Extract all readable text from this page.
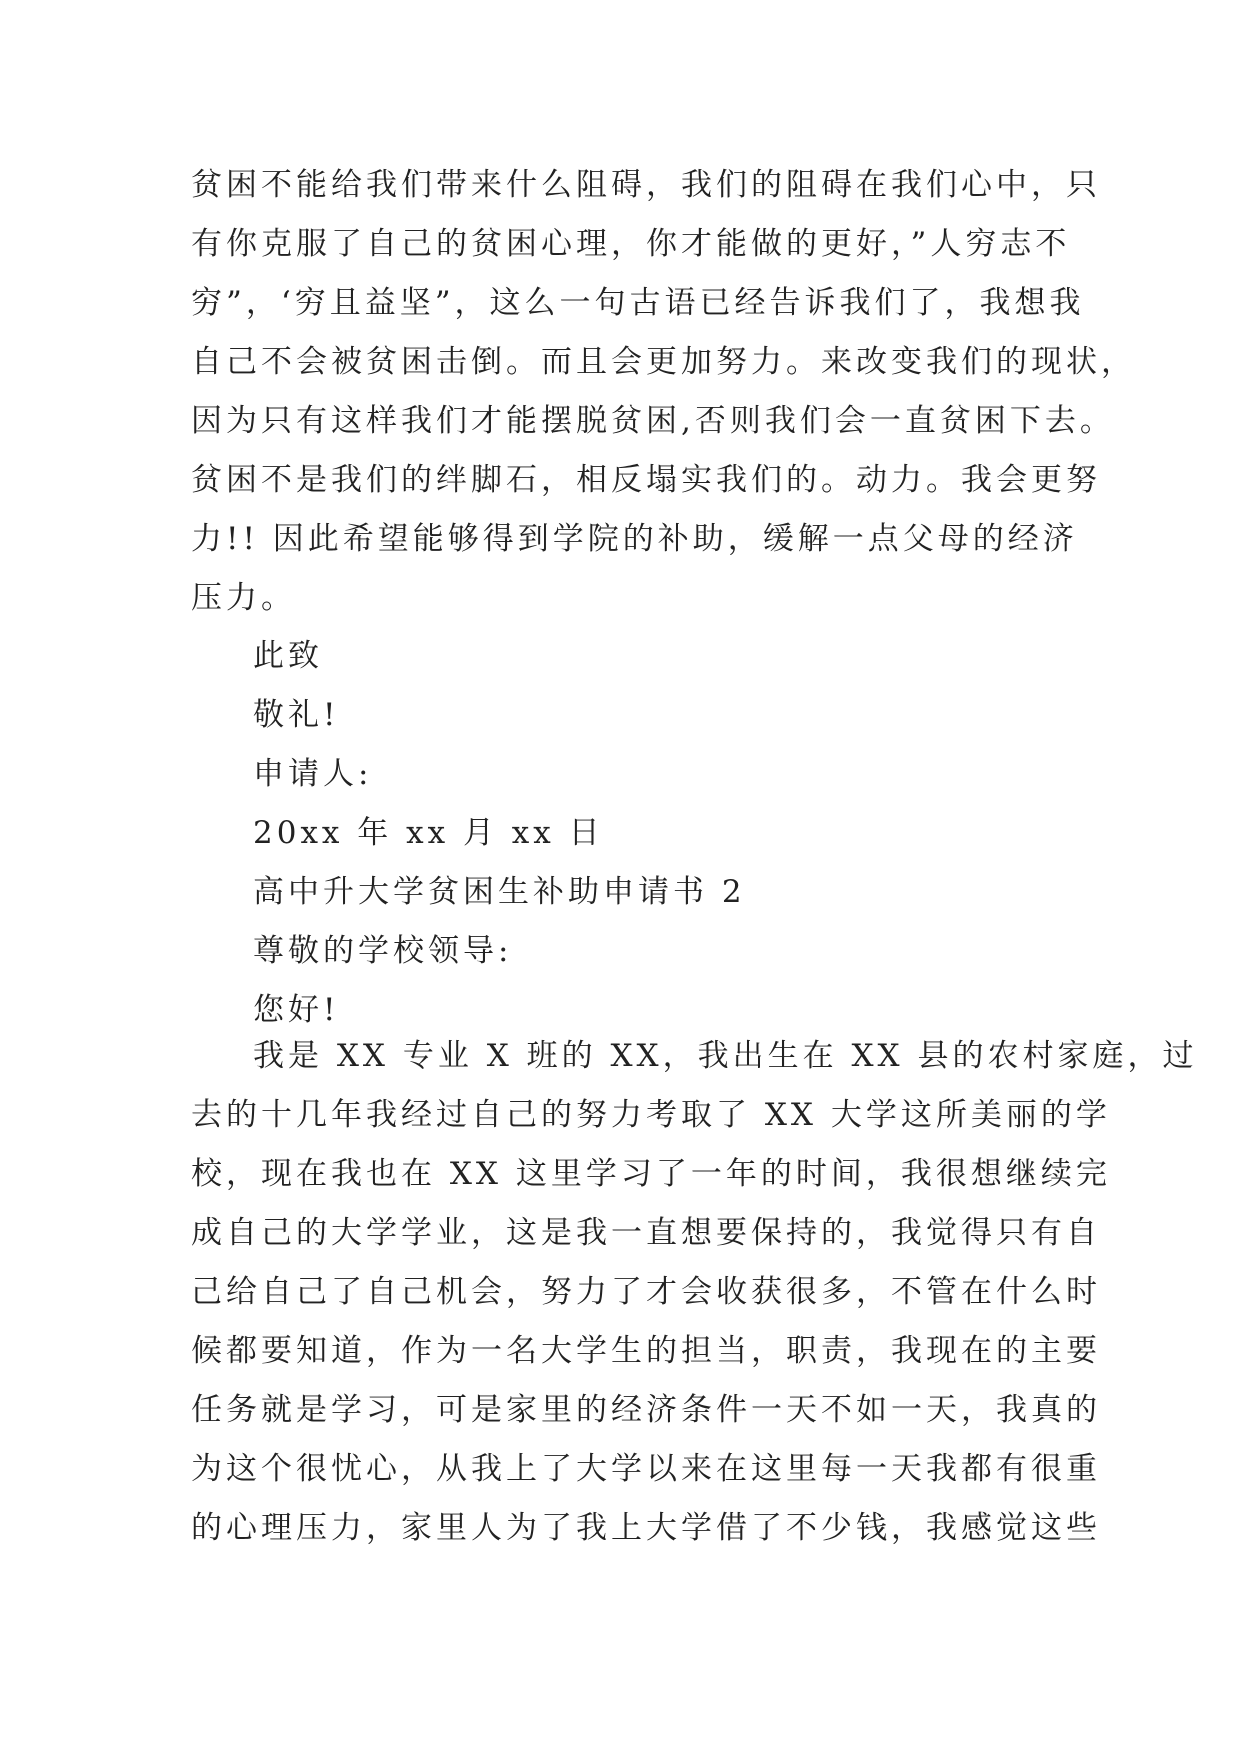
贫困不能给我们带来什么阻碍，我们的阻碍在我们心中，只
有你克服了自己的贫困心理，你才能做的更好，”人穷志不
穷”，‘穷且益坚”，这么一句古语已经告诉我们了，我想我
自己不会被贫困击倒。而且会更加努力。来改变我们的现状，
因为只有这样我们才能摆脱贫困,否则我们会一直贫困下去。
贫困不是我们的绊脚石，相反塌实我们的。动力。我会更努
力!! 因此希望能够得到学院的补助，缓解一点父母的经济
压力。
此致
敬礼!
申请人:
20xx 年 xx 月 xx 日
高中升大学贫困生补助申请书 2
尊敬的学校领导:
您好!
我是 XX 专业 X 班的 XX，我出生在 XX 县的农村家庭，过
去的十几年我经过自己的努力考取了 XX 大学这所美丽的学
校，现在我也在 XX 这里学习了一年的时间，我很想继续完
成自己的大学学业，这是我一直想要保持的，我觉得只有自
己给自己了自己机会，努力了才会收获很多，不管在什么时
候都要知道，作为一名大学生的担当，职责，我现在的主要
任务就是学习，可是家里的经济条件一天不如一天，我真的
为这个很忧心，从我上了大学以来在这里每一天我都有很重
的心理压力，家里人为了我上大学借了不少钱，我感觉这些
